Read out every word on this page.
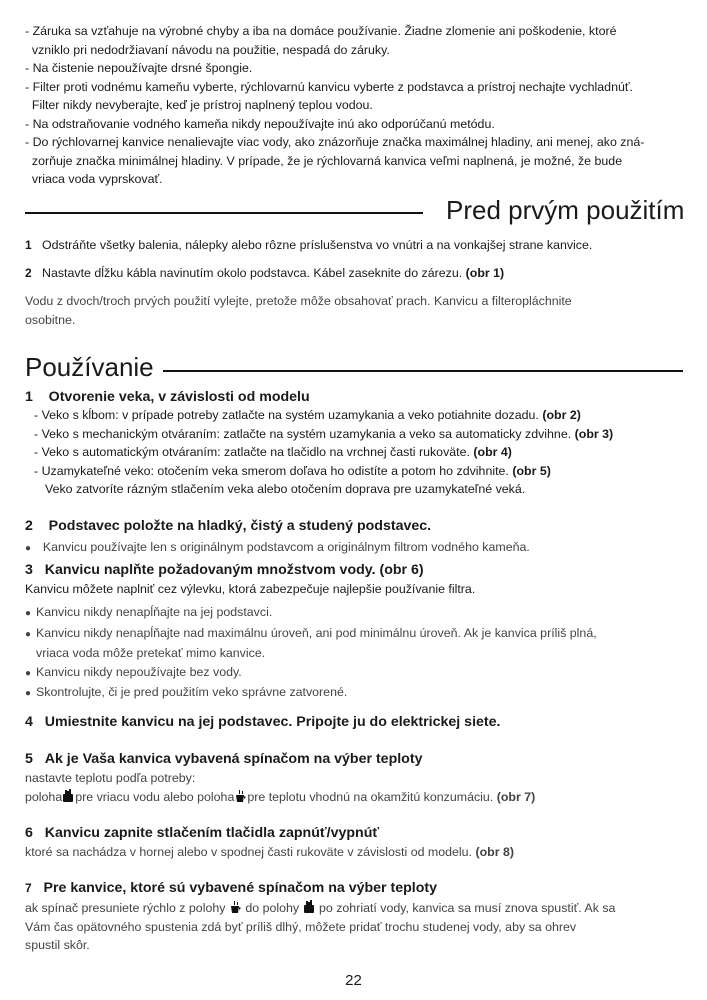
- Záruka sa vzťahuje na výrobné chyby a iba na domáce používanie. Žiadne zlomenie ani poškodenie, ktoré
vzniklo pri nedodržiavaní návodu na použitie, nespadá do záruky.
- Na čistenie nepoužívajte drsné špongie.
- Filter proti vodnému kameňu vyberte, rýchlovarnú kanvicu vyberte z podstavca a prístroj nechajte vychladnúť.
Filter nikdy nevyberajte, keď je prístroj naplnený teplou vodou.
- Na odstraňovanie vodného kameňa nikdy nepoužívajte inú ako odporúčanú metódu.
- Do rýchlovarnej kanvice nenalievajte viac vody, ako znázorňuje značka maximálnej hladiny, ani menej, ako zná-
zorňuje značka minimálnej hladiny. V prípade, že je rýchlovarná kanvica veľmi naplnená, je možné, že bude
vriaca voda vyprskovať.
Pred prvým použitím
1 Odstráňte všetky balenia, nálepky alebo rôzne príslušenstva vo vnútri a na vonkajšej strane kanvice.
2 Nastavte dĺžku kábla navinutím okolo podstavca. Kábel zaseknite do zárezu. (obr 1)
Vodu z dvoch/troch prvých použití vylejte, pretože môže obsahovať prach. Kanvicu a filteropláchnite
osobitne.
Používanie
1 Otvorenie veka, v závislosti od modelu
- Veko s kĺbom: v prípade potreby zatlačte na systém uzamykania a veko potiahnite dozadu. (obr 2)
- Veko s mechanickým otváraním: zatlačte na systém uzamykania a veko sa automaticky zdvihne. (obr 3)
- Veko s automatickým otváraním: zatlačte na tlačidlo na vrchnej časti rukoväte. (obr 4)
- Uzamykateľné veko: otočením veka smerom doľava ho odistíte a potom ho zdvihnite. (obr 5)
Veko zatvoríte rázným stlačením veka alebo otočením doprava pre uzamykateľné veká.
2 Podstavec položte na hladký, čistý a studený podstavec.
● Kanvicu používajte len s originálnym podstavcom a originálnym filtrom vodného kameňa.
3 Kanvicu naplňte požadovaným množstvom vody. (obr 6)
Kanvicu môžete naplniť cez výlevku, ktorá zabezpečuje najlepšie používanie filtra.
● Kanvicu nikdy nenapĺňajte na jej podstavci.
● Kanvicu nikdy nenapĺňajte nad maximálnu úroveň, ani pod minimálnu úroveň. Ak je kanvica príliš plná,
vriaca voda môže pretekať mimo kanvice.
● Kanvicu nikdy nepoužívajte bez vody.
● Skontrolujte, či je pred použitím veko správne zatvorené.
4 Umiestnite kanvicu na jej podstavec. Pripojte ju do elektrickej siete.
5 Ak je Vaša kanvica vybavená spínačom na výber teploty
nastavte teplotu podľa potreby:
poloha pre vriacu vodu alebo poloha pre teplotu vhodnú na okamžitú konzumáciu. (obr 7)
6 Kanvicu zapnite stlačením tlačidla zapnúť/vypnúť
ktoré sa nachádza v hornej alebo v spodnej časti rukoväte v závislosti od modelu. (obr 8)
7 Pre kanvice, ktoré sú vybavené spínačom na výber teploty
ak spínač presuniete rýchlo z polohy do polohy po zohriatí vody, kanvica sa musí znova spustiť. Ak sa
Vám čas opätovného spustenia zdá byť príliš dlhý, môžete pridať trochu studenej vody, aby sa ohrev
spustil skôr.
22
